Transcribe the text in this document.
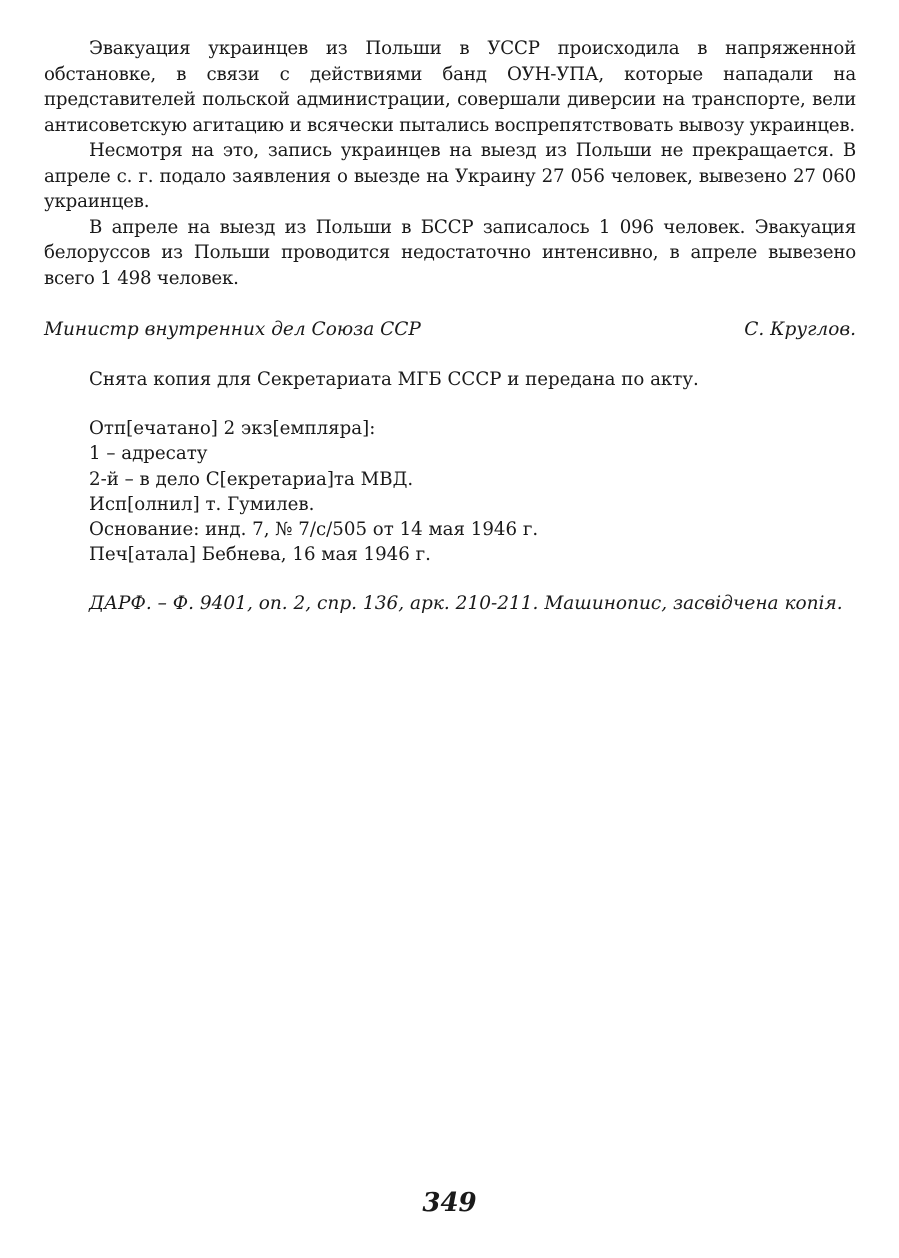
Эвакуация украинцев из Польши в УССР происходила в напряженной обстановке, в связи с действиями банд ОУН-УПА, которые нападали на представителей польской администрации, совершали диверсии на транспорте, вели антисоветскую агитацию и всячески пытались воспрепятствовать вывозу украинцев.

Несмотря на это, запись украинцев на выезд из Польши не прекращается. В апреле с. г. подало заявления о выезде на Украину 27 056 человек, вывезено 27 060 украинцев.

В апреле на выезд из Польши в БССР записалось 1 096 человек. Эвакуация белоруссов из Польши проводится недостаточно интенсивно, в апреле вывезено всего 1 498 человек.

Министр внутренних дел Союза ССР	С. Круглов.
Снята копия для Секретариата МГБ СССР и передана по акту.
Отп[ечатано] 2 экз[емпляра]:
1 – адресату
2-й – в дело С[екретариа]та МВД.
Исп[олнил] т. Гумилев.
Основание: инд. 7, № 7/с/505 от 14 мая 1946 г.
Печ[атала] Бебнева, 16 мая 1946 г.
ДАРФ. – Ф. 9401, оп. 2, спр. 136, арк. 210-211. Машинопис, засвідчена копія.
349
